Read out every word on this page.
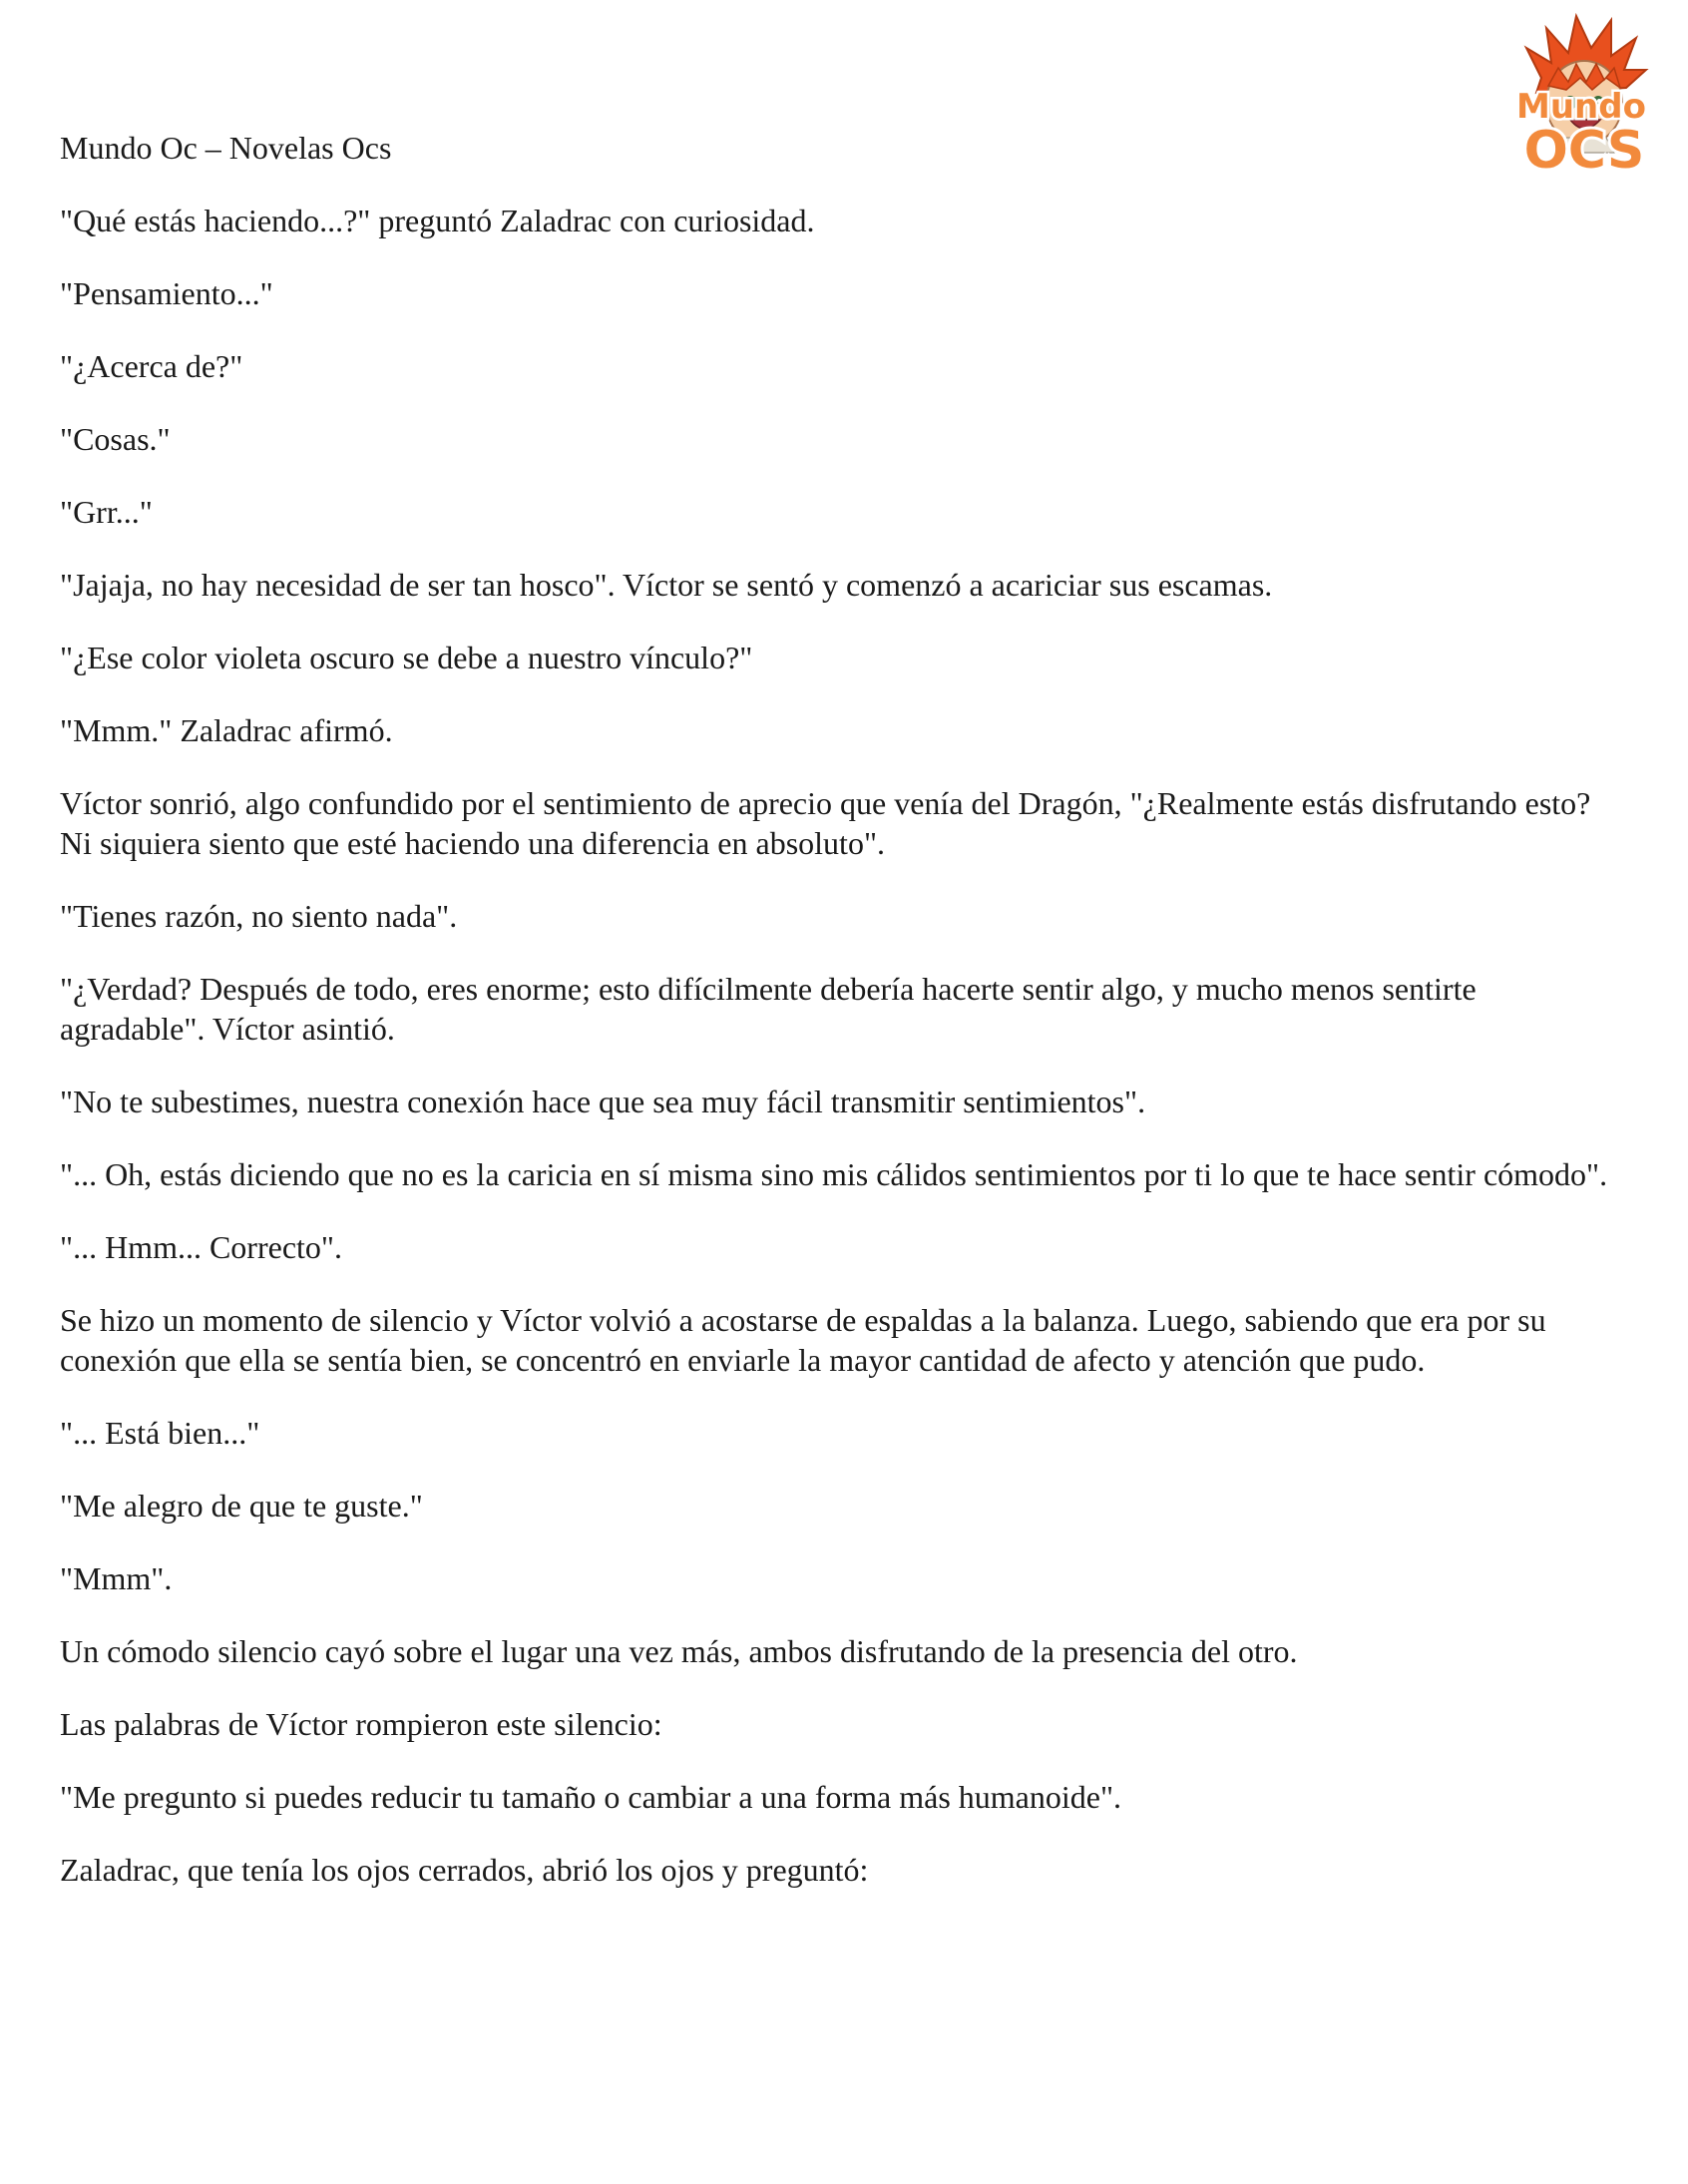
Mundo
OCS

Mundo Oc – Novelas Ocs

"Qué estás haciendo...?" preguntó Zaladrac con curiosidad.

"Pensamiento..."

"¿Acerca de?"

"Cosas."

"Grr..."

"Jajaja, no hay necesidad de ser tan hosco". Víctor se sentó y comenzó a acariciar sus escamas.

"¿Ese color violeta oscuro se debe a nuestro vínculo?"

"Mmm." Zaladrac afirmó.

Víctor sonrió, algo confundido por el sentimiento de aprecio que venía del Dragón, "¿Realmente estás disfrutando esto? Ni siquiera siento que esté haciendo una diferencia en absoluto".

"Tienes razón, no siento nada".

"¿Verdad? Después de todo, eres enorme; esto difícilmente debería hacerte sentir algo, y mucho menos sentirte agradable". Víctor asintió.

"No te subestimes, nuestra conexión hace que sea muy fácil transmitir sentimientos".

"... Oh, estás diciendo que no es la caricia en sí misma sino mis cálidos sentimientos por ti lo que te hace sentir cómodo".

"... Hmm... Correcto".

Se hizo un momento de silencio y Víctor volvió a acostarse de espaldas a la balanza. Luego, sabiendo que era por su conexión que ella se sentía bien, se concentró en enviarle la mayor cantidad de afecto y atención que pudo.

"... Está bien..."

"Me alegro de que te guste."

"Mmm".

Un cómodo silencio cayó sobre el lugar una vez más, ambos disfrutando de la presencia del otro.

Las palabras de Víctor rompieron este silencio:

"Me pregunto si puedes reducir tu tamaño o cambiar a una forma más humanoide".

Zaladrac, que tenía los ojos cerrados, abrió los ojos y preguntó:
